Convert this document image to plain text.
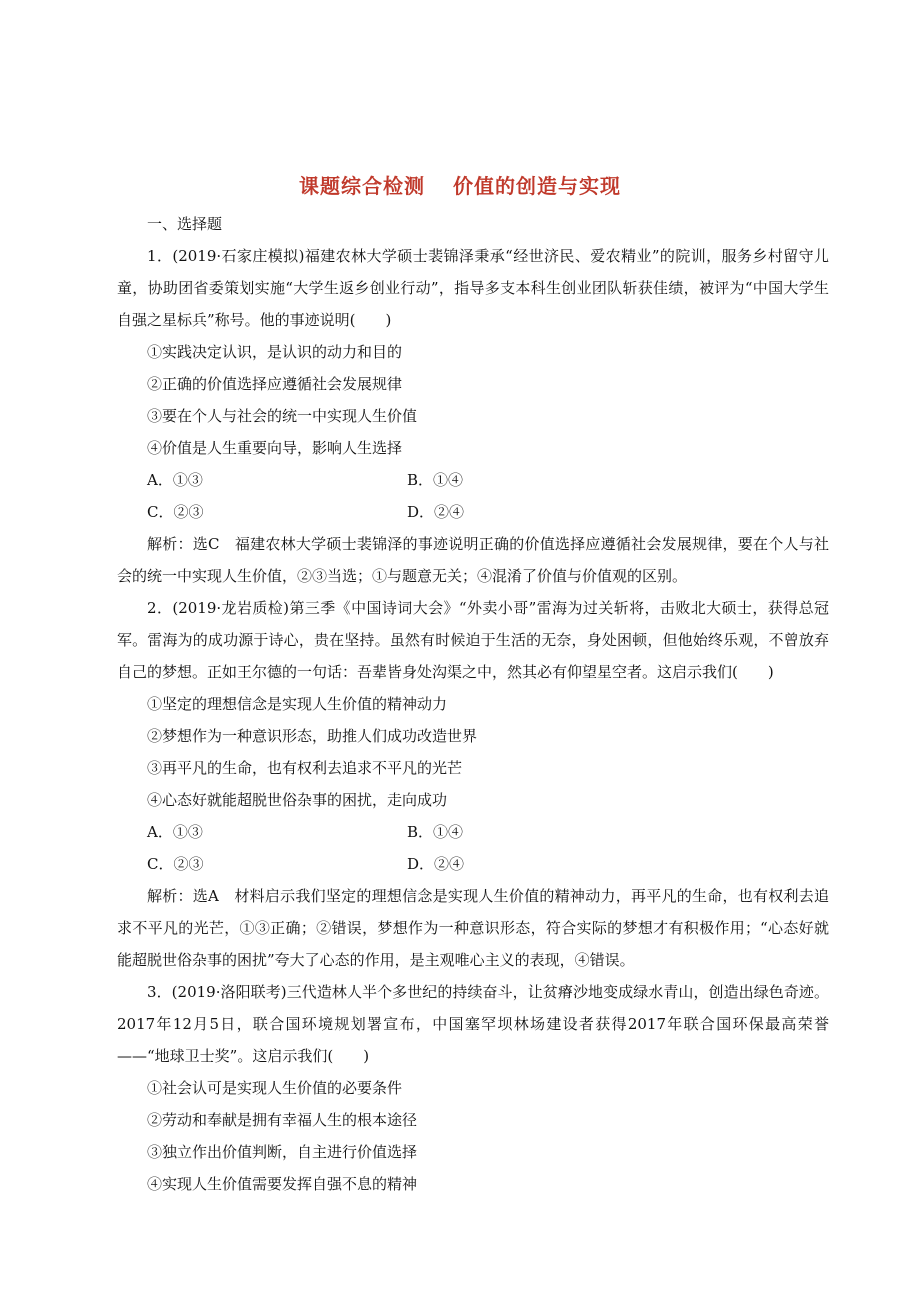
课题综合检测 价值的创造与实现

一、选择题

1．(2019·石家庄模拟)福建农林大学硕士裴锦泽秉承“经世济民、爱农精业”的院训，服务乡村留守儿童，协助团省委策划实施“大学生返乡创业行动”，指导多支本科生创业团队斩获佳绩，被评为“中国大学生自强之星标兵”称号。他的事迹说明(　　)

①实践决定认识，是认识的动力和目的

②正确的价值选择应遵循社会发展规律

③要在个人与社会的统一中实现人生价值

④价值是人生重要向导，影响人生选择

A．①③	B．①④
C．②③	D．②④

解析：选C　福建农林大学硕士裴锦泽的事迹说明正确的价值选择应遵循社会发展规律，要在个人与社会的统一中实现人生价值，②③当选；①与题意无关；④混淆了价值与价值观的区别。

2．(2019·龙岩质检)第三季《中国诗词大会》“外卖小哥”雷海为过关斩将，击败北大硕士，获得总冠军。雷海为的成功源于诗心，贵在坚持。虽然有时候迫于生活的无奈，身处困顿，但他始终乐观，不曾放弃自己的梦想。正如王尔德的一句话：吾辈皆身处沟渠之中，然其必有仰望星空者。这启示我们(　　)

①坚定的理想信念是实现人生价值的精神动力

②梦想作为一种意识形态，助推人们成功改造世界

③再平凡的生命，也有权利去追求不平凡的光芒

④心态好就能超脱世俗杂事的困扰，走向成功

A．①③	B．①④
C．②③	D．②④

解析：选A　材料启示我们坚定的理想信念是实现人生价值的精神动力，再平凡的生命，也有权利去追求不平凡的光芒，①③正确；②错误，梦想作为一种意识形态，符合实际的梦想才有积极作用；“心态好就能超脱世俗杂事的困扰”夸大了心态的作用，是主观唯心主义的表现，④错误。

3．(2019·洛阳联考)三代造林人半个多世纪的持续奋斗，让贫瘠沙地变成绿水青山，创造出绿色奇迹。2017年12月5日，联合国环境规划署宣布，中国塞罕坝林场建设者获得2017年联合国环保最高荣誉——“地球卫士奖”。这启示我们(　　)

①社会认可是实现人生价值的必要条件

②劳动和奉献是拥有幸福人生的根本途径

③独立作出价值判断，自主进行价值选择

④实现人生价值需要发挥自强不息的精神
